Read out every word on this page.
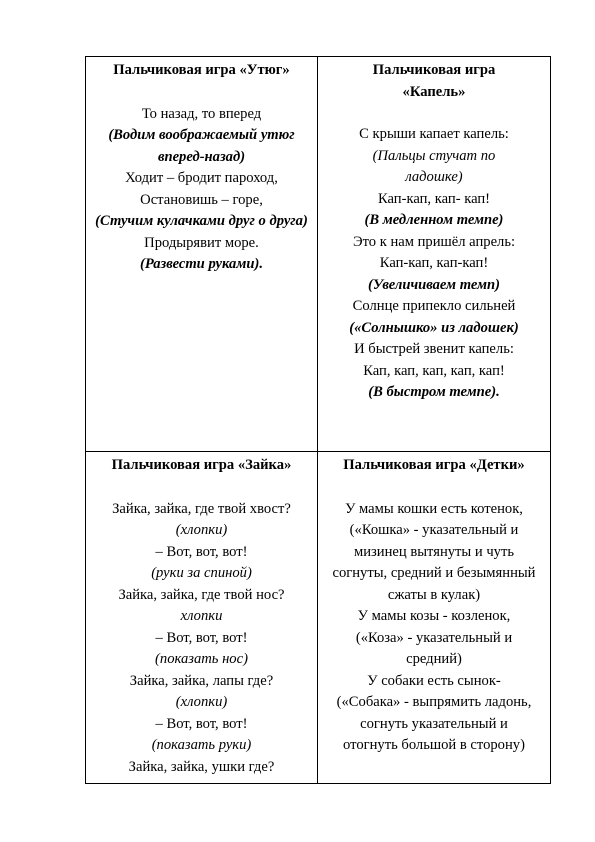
Пальчиковая игра «Утюг»
То назад, то вперед
(Водим воображаемый утюг вперед-назад)
Ходит – бродит пароход,
Остановишь – горе,
(Стучим кулачками друг о друга)
Продырявит море.
(Развести руками).
Пальчиковая игра «Капель»
С крыши капает капель:
(Пальцы стучат по ладошке)
Кап-кап, кап- кап!
(В медленном темпе)
Это к нам пришёл апрель:
Кап-кап, кап-кап!
(Увеличиваем темп)
Солнце припекло сильней
(«Солнышко» из ладошек)
И быстрей звенит капель:
Кап, кап, кап, кап, кап!
(В быстром темпе).
Пальчиковая игра «Зайка»
Зайка, зайка, где твой хвост?
(хлопки)
– Вот, вот, вот!
(руки за спиной)
Зайка, зайка, где твой нос?
хлопки
– Вот, вот, вот!
(показать нос)
Зайка, зайка, лапы где?
(хлопки)
– Вот, вот, вот!
(показать руки)
Зайка, зайка, ушки где?
Пальчиковая игра «Детки»
У мамы кошки есть котенок,
(«Кошка» - указательный и мизинец вытянуты и чуть согнуты, средний и безымянный сжаты в кулак)
У мамы козы - козленок,
(«Коза» - указательный и средний)
У собаки есть сынок-
(«Собака» - выпрямить ладонь, согнуть указательный и отогнуть большой в сторону)
